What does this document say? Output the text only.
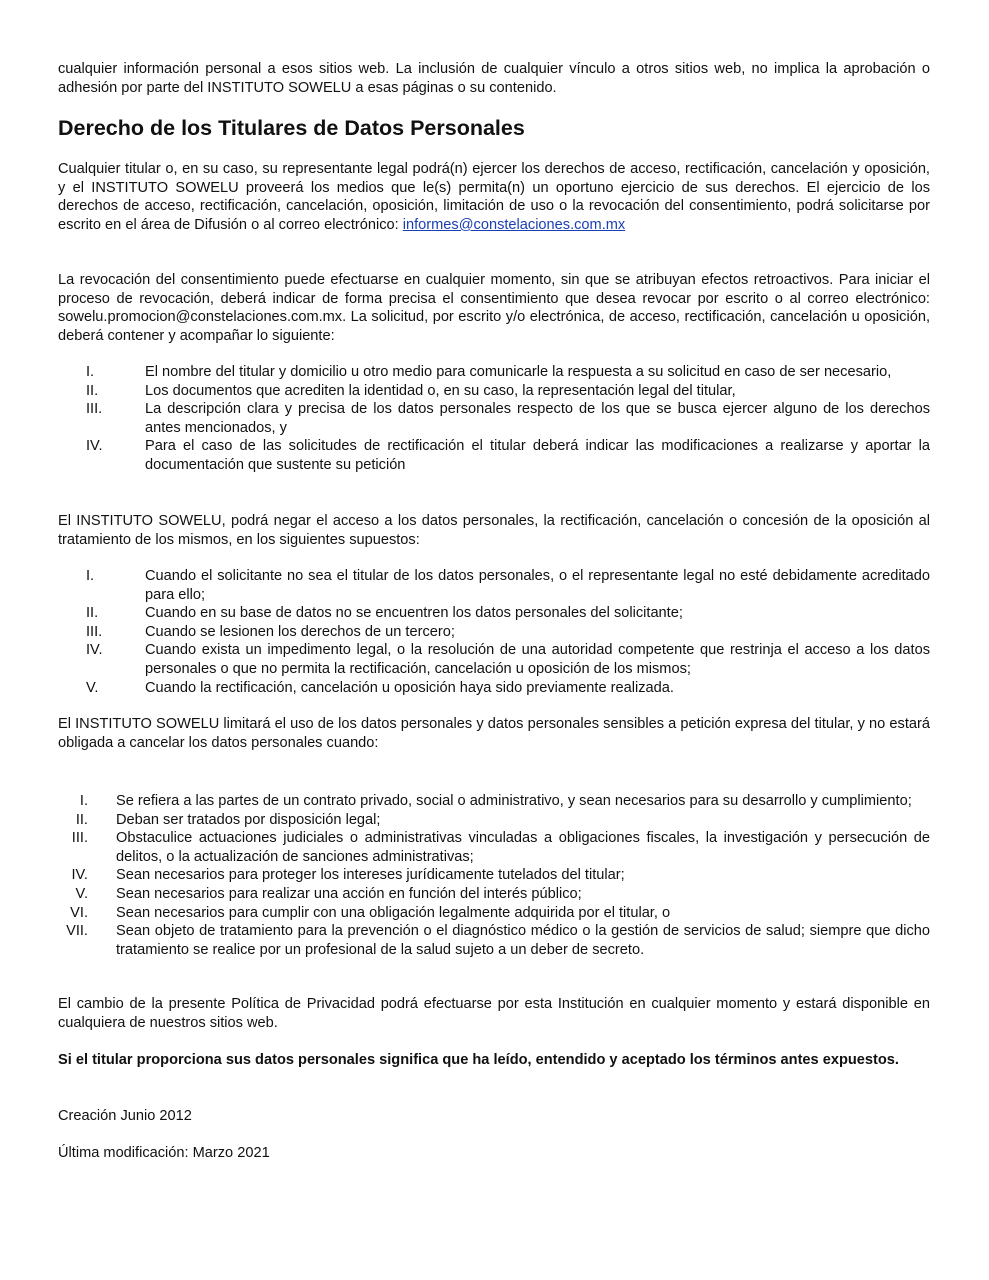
cualquier información personal a esos sitios web. La inclusión de cualquier vínculo a otros sitios web, no implica la aprobación o adhesión por parte del INSTITUTO SOWELU a esas páginas o su contenido.

Derecho de los Titulares de Datos Personales

Cualquier titular o, en su caso, su representante legal podrá(n) ejercer los derechos de acceso, rectificación, cancelación y oposición, y el INSTITUTO SOWELU proveerá los medios que le(s) permita(n) un oportuno ejercicio de sus derechos. El ejercicio de los derechos de acceso, rectificación, cancelación, oposición, limitación de uso o la revocación del consentimiento, podrá solicitarse por escrito en el área de Difusión o al correo electrónico: informes@constelaciones.com.mx

La revocación del consentimiento puede efectuarse en cualquier momento, sin que se atribuyan efectos retroactivos. Para iniciar el proceso de revocación, deberá indicar de forma precisa el consentimiento que desea revocar por escrito o al correo electrónico: sowelu.promocion@constelaciones.com.mx. La solicitud, por escrito y/o electrónica, de acceso, rectificación, cancelación u oposición, deberá contener y acompañar lo siguiente:

I.	El nombre del titular y domicilio u otro medio para comunicarle la respuesta a su solicitud en caso de ser necesario,
II.	Los documentos que acrediten la identidad o, en su caso, la representación legal del titular,
III.	La descripción clara y precisa de los datos personales respecto de los que se busca ejercer alguno de los derechos antes mencionados, y
IV.	Para el caso de las solicitudes de rectificación el titular deberá indicar las modificaciones a realizarse y aportar la documentación que sustente su petición

El INSTITUTO SOWELU, podrá negar el acceso a los datos personales, la rectificación, cancelación o concesión de la oposición al tratamiento de los mismos, en los siguientes supuestos:

I.	Cuando el solicitante no sea el titular de los datos personales, o el representante legal no esté debidamente acreditado para ello;
II.	Cuando en su base de datos no se encuentren los datos personales del solicitante;
III.	Cuando se lesionen los derechos de un tercero;
IV.	Cuando exista un impedimento legal, o la resolución de una autoridad competente que restrinja el acceso a los datos personales o que no permita la rectificación, cancelación u oposición de los mismos;
V.	Cuando la rectificación, cancelación u oposición haya sido previamente realizada.

El INSTITUTO SOWELU limitará el uso de los datos personales y datos personales sensibles a petición expresa del titular, y no estará obligada a cancelar los datos personales cuando:

I. Se refiera a las partes de un contrato privado, social o administrativo, y sean necesarios para su desarrollo y cumplimiento;
II. Deban ser tratados por disposición legal;
III. Obstaculice actuaciones judiciales o administrativas vinculadas a obligaciones fiscales, la investigación y persecución de delitos, o la actualización de sanciones administrativas;
IV. Sean necesarios para proteger los intereses jurídicamente tutelados del titular;
V. Sean necesarios para realizar una acción en función del interés público;
VI. Sean necesarios para cumplir con una obligación legalmente adquirida por el titular, o
VII. Sean objeto de tratamiento para la prevención o el diagnóstico médico o la gestión de servicios de salud; siempre que dicho tratamiento se realice por un profesional de la salud sujeto a un deber de secreto.

El cambio de la presente Política de Privacidad podrá efectuarse por esta Institución en cualquier momento y estará disponible en cualquiera de nuestros sitios web.

Si el titular proporciona sus datos personales significa que ha leído, entendido y aceptado los términos antes expuestos.

Creación Junio 2012

Última modificación: Marzo 2021
